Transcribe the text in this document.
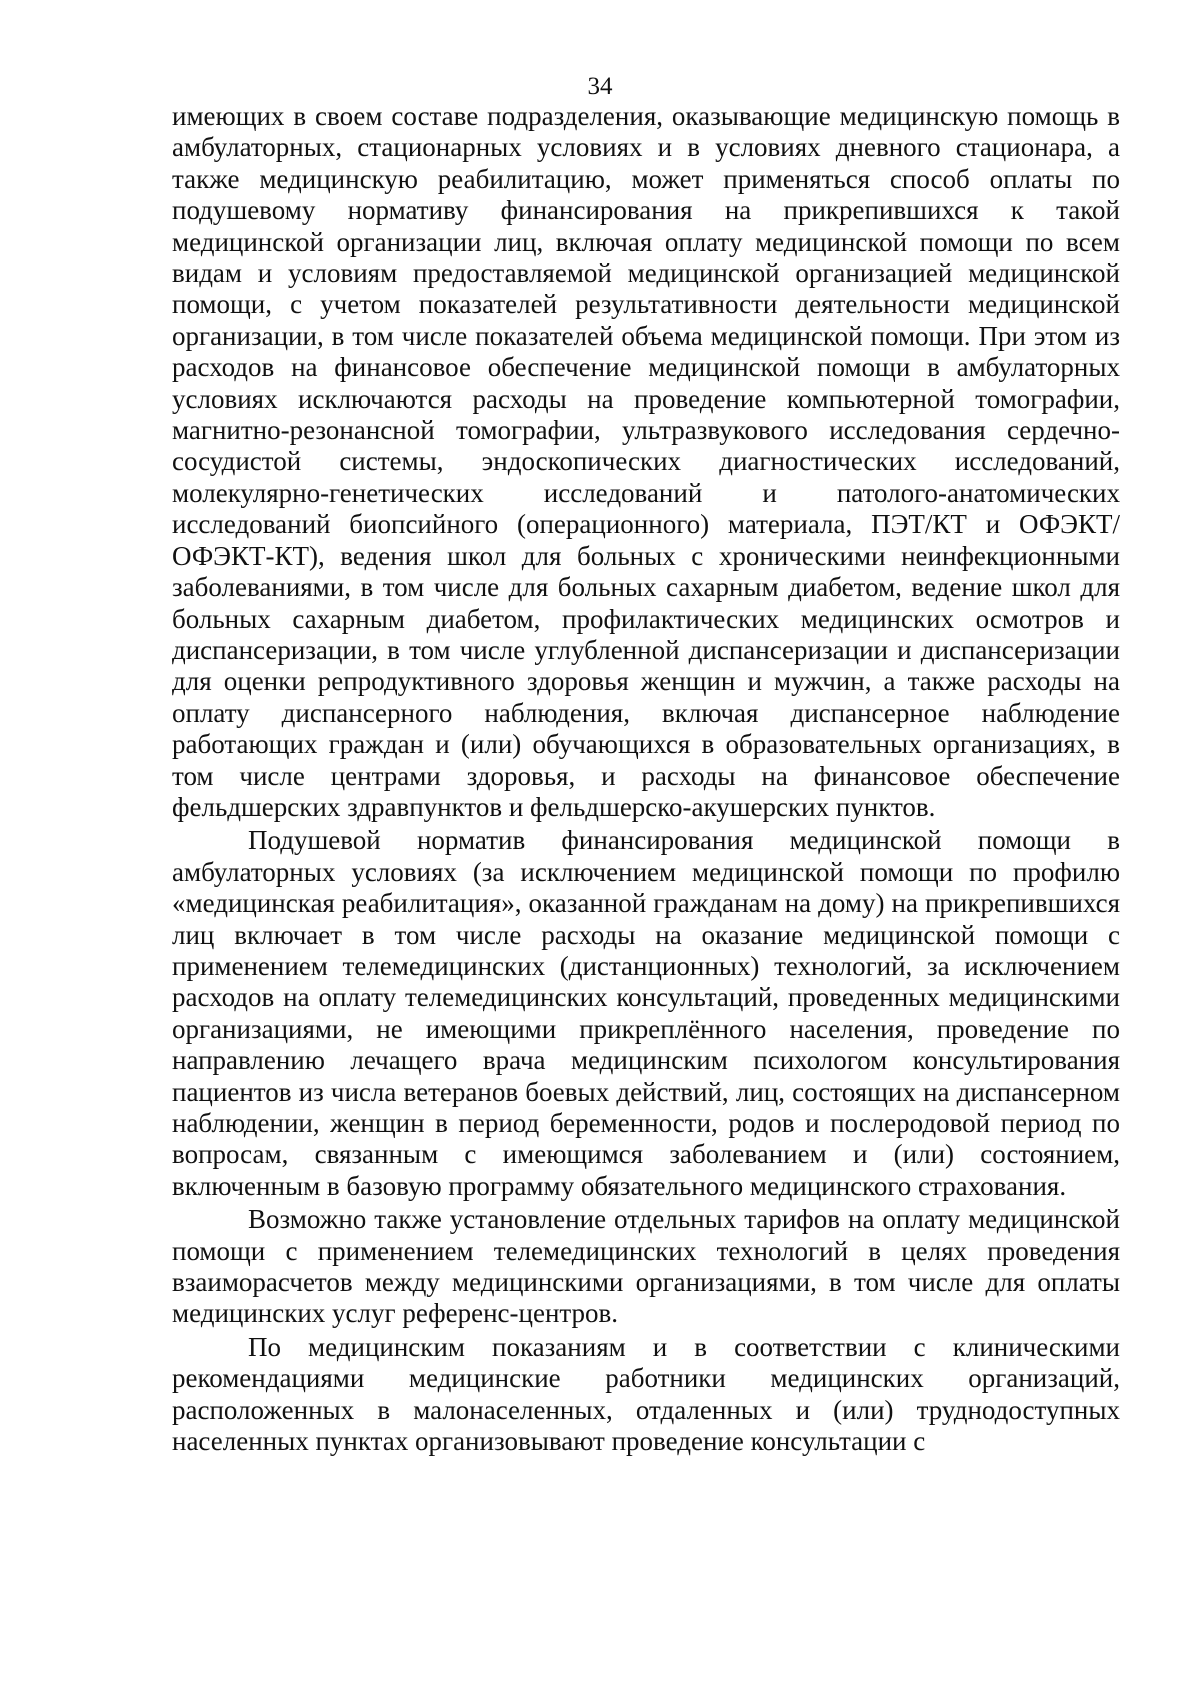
34

имеющих в своем составе подразделения, оказывающие медицинскую помощь в амбулаторных, стационарных условиях и в условиях дневного стационара, а также медицинскую реабилитацию, может применяться способ оплаты по подушевому нормативу финансирования на прикрепившихся к такой медицинской организации лиц, включая оплату медицинской помощи по всем видам и условиям предоставляемой медицинской организацией медицинской помощи, с учетом показателей результативности деятельности медицинской организации, в том числе показателей объема медицинской помощи. При этом из расходов на финансовое обеспечение медицинской помощи в амбулаторных условиях исключаются расходы на проведение компьютерной томографии, магнитно-резонансной томографии, ультразвукового исследования сердечно-сосудистой системы, эндоскопических диагностических исследований, молекулярно-генетических исследований и патолого-анатомических исследований биопсийного (операционного) материала, ПЭТ/КТ и ОФЭКТ/ОФЭКТ-КТ), ведения школ для больных с хроническими неинфекционными заболеваниями, в том числе для больных сахарным диабетом, ведение школ для больных сахарным диабетом, профилактических медицинских осмотров и диспансеризации, в том числе углубленной диспансеризации и диспансеризации для оценки репродуктивного здоровья женщин и мужчин, а также расходы на оплату диспансерного наблюдения, включая диспансерное наблюдение работающих граждан и (или) обучающихся в образовательных организациях, в том числе центрами здоровья, и расходы на финансовое обеспечение фельдшерских здравпунктов и фельдшерско-акушерских пунктов.

Подушевой норматив финансирования медицинской помощи в амбулаторных условиях (за исключением медицинской помощи по профилю «медицинская реабилитация», оказанной гражданам на дому) на прикрепившихся лиц включает в том числе расходы на оказание медицинской помощи с применением телемедицинских (дистанционных) технологий, за исключением расходов на оплату телемедицинских консультаций, проведенных медицинскими организациями, не имеющими прикреплённого населения, проведение по направлению лечащего врача медицинским психологом консультирования пациентов из числа ветеранов боевых действий, лиц, состоящих на диспансерном наблюдении, женщин в период беременности, родов и послеродовой период по вопросам, связанным с имеющимся заболеванием и (или) состоянием, включенным в базовую программу обязательного медицинского страхования.

Возможно также установление отдельных тарифов на оплату медицинской помощи с применением телемедицинских технологий в целях проведения взаиморасчетов между медицинскими организациями, в том числе для оплаты медицинских услуг референс-центров.

По медицинским показаниям и в соответствии с клиническими рекомендациями медицинские работники медицинских организаций, расположенных в малонаселенных, отдаленных и (или) труднодоступных населенных пунктах организовывают проведение консультации с
